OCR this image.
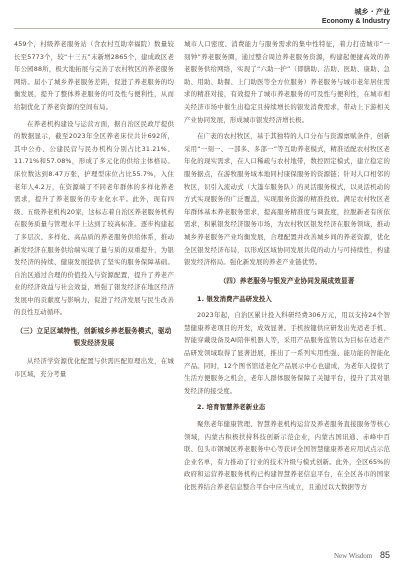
城乡 · 产业
Economy & Industry

459个，村级养老服务站（含农村互助幸福院）数量较长至5773个，较“十三五”末新增2865个，建成政区老年公园88所，极大地拓展与完善了农村牧区的养老服务网络。届小了城乡养老服务差距，促进了养老服务的均衡发展，提升了整体养老服务的可及性与便利性，从而给制优化了养老资源的空间布局。

在养老机构建设与运营方面，据自治区民政厅提供的数据显示，截至2023年全区养老床位共计692所，其中公办、公建民营与民办机构分别占比31.21%、11.71%和57.08%，形成了多元化的供给主体格局。床位数达到8.47万张，护理型床位占比55.7%，入住老年人4.2万，在资源端了不同老年群体的多样化养老需求，提升了养老服务的专业化水平。此外，现有四级、五级养老机构20家，这标志着自治区养老服务机构在服务质量与管理水平上达到了较高标准。逐步构建起了多层次、多样化、高品质的养老服务供给体系，推动新发经济在服务供给端实现了量与质的双重提升，为银发经济的持续、健康发展提供了坚实的服务保障基础。自治区通过合理的价值投入与资源配置，提升了养老产业的经济效益与社会效益，增强了银发经济在地区经济发展中的贡献度与影响力，促进了经济发展与民生改善的良性互动循环。

（三）立足区域特性，创新城乡养老服务模式，驱动银发经济发展

从经济学资源优化配置与供需匹配原理出发，在城市区域，充分考量

城市人口密度、消费能力与服务需求的集中性特征，着力打造城市“一刻钟”养老服务圈，通过整合周边养老服务资源，构建起便捷高效的养老服务供给网络，实现了“六助一护”（即膳助、洁助、医助、康助、急助、用助、助餐、上门助医等全方位服务）养老服务与城市老年居住需求的精准对接，有效提升了城市养老服务的可及性与便利性，在城市相关经济市场中催生出稳定且持续增长的银发消费需求，带动上下游相关产业协同发展，形成城市银发经济增长极。

在广袤的农村牧区，基于其独特的人口分布与资源禀赋条件，创新采用“一刻一、一部多、多部一”等互助养老模式，精准适配农村牧区老年化的现实需求，在人口稀疏与农村地带，数控固定模式，建立稳定的服务据点，在游牧服务域本地同村康保服务的资源链；针对人口相邻的牧区，识引入流动式（大篷车服务队）的灵活服务模式，以灵活机动的方式实现服务的广泛覆盖，实现服务资源的精准投放。满足农村牧区老年群体基本养老服务需求，提高服务精准度与调查度，拉脱新老有所依需求，积累银发经济服务市场，为农村牧区银发经济在服务领域，推动城乡养老服务产业均衡发展，合理配置并改善城乡间的养老资源，优化全区银发经济布局，以形成区域协同发展共促的动力与可持续性，构建银发经济格局。强化新发展的养老产业链优势。

（四）养老服务与银发产业协同发展成效显著
1. 银发消费产品研发投入

2023年起，自治区累计投入科研经费306万元，用以支持24个智慧健康养老项目的开发，成效显著。手机按键供应研发出先适老手机、智能穿戴设备及AI陪伴机器人等，采用产品服务监管以为目标在适老产品研发领域取得了显著进展，推出了一系列实用性强、能功能的智能化产品。同时，12个图书馆适老化产品展示中心也建成，为老年人提供了生活方便服务之机会，老年人群体服务保障了关键平台，提升了其对银发经济的接受度。

2. 培育智慧养老新业态

聚焦老年健康管理、智慧养老机构运营及养老服务直接服务等核心领域，内蒙古积极扶持科技创新示范企业，内蒙古国讯通、赤峰中百联、包头市钢城区养老服务中心等获评全国智慧健康养老应用试点示范企业名单，有力推动了行业的技术升级与模式创新。此外，全区65%的政府和运营养老服务机构已构建智慧养老信息平台，在全区各市的国家化医养结合养老信息整合平台中应当成立，且通过以大数据等方

New Wisdom 85
